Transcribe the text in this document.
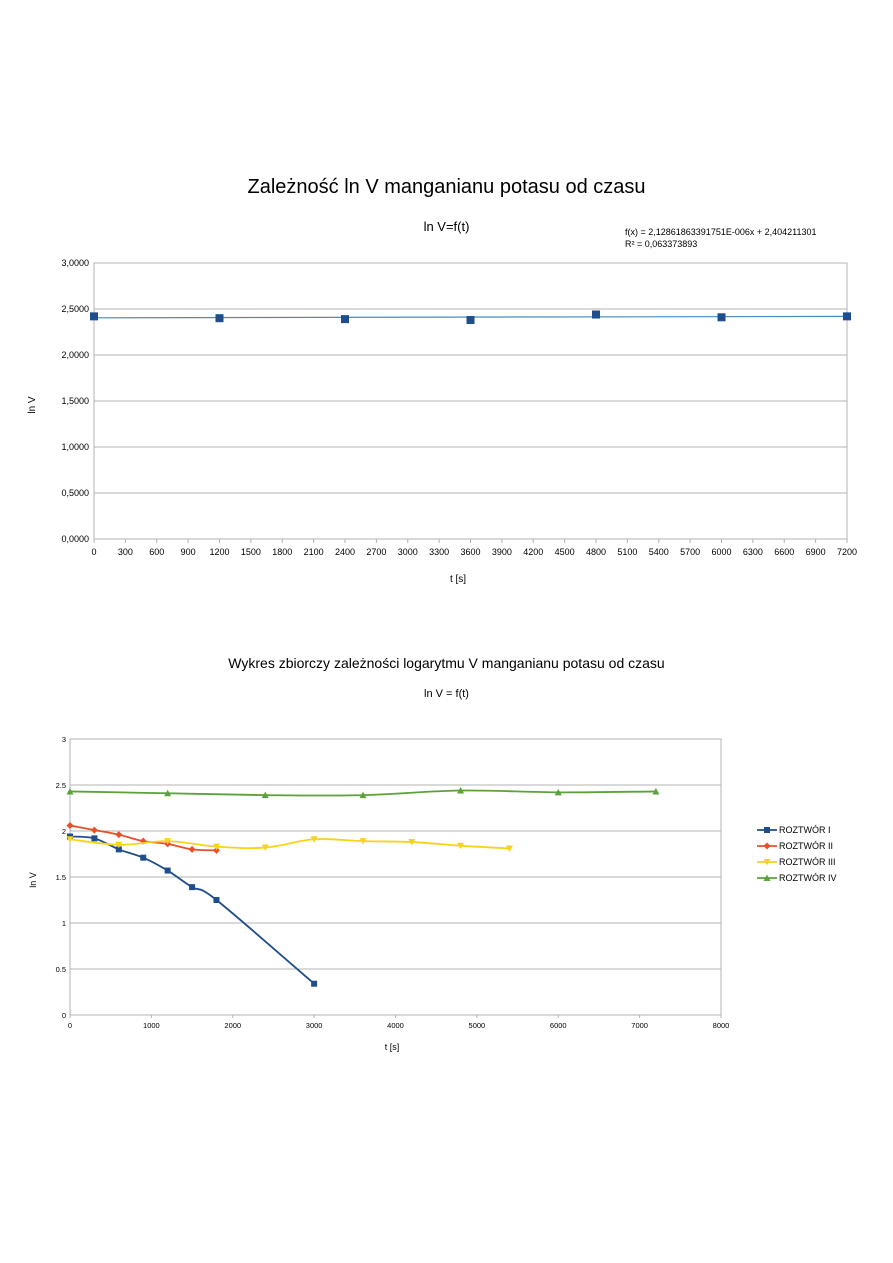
Zależność ln V manganianu potasu od czasu
ln V=f(t)	f(x) = 2,12861863391751E-006x + 2,404211301
R² = 0,063373893
Wykres zbiorczy zależności logarytmu V manganianu potasu od czasu
ln V = f(t)
0,0000
0,5000
1,0000
1,5000
2,0000
2,5000
3,0000
0 300 600 900 1200 1500 1800 2100 2400 2700 3000 3300 3600 3900 4200 4500 4800 5100 5400 5700 6000 6300 6600 6900 7200
t [s]
ln V
0
0.5
1
1.5
2
2.5
3
0	1000	2000	3000	4000	5000	6000	7000	8000
t [s]
ln V
ROZTWÓR I
ROZTWÓR II
ROZTWÓR III
ROZTWÓR IV
